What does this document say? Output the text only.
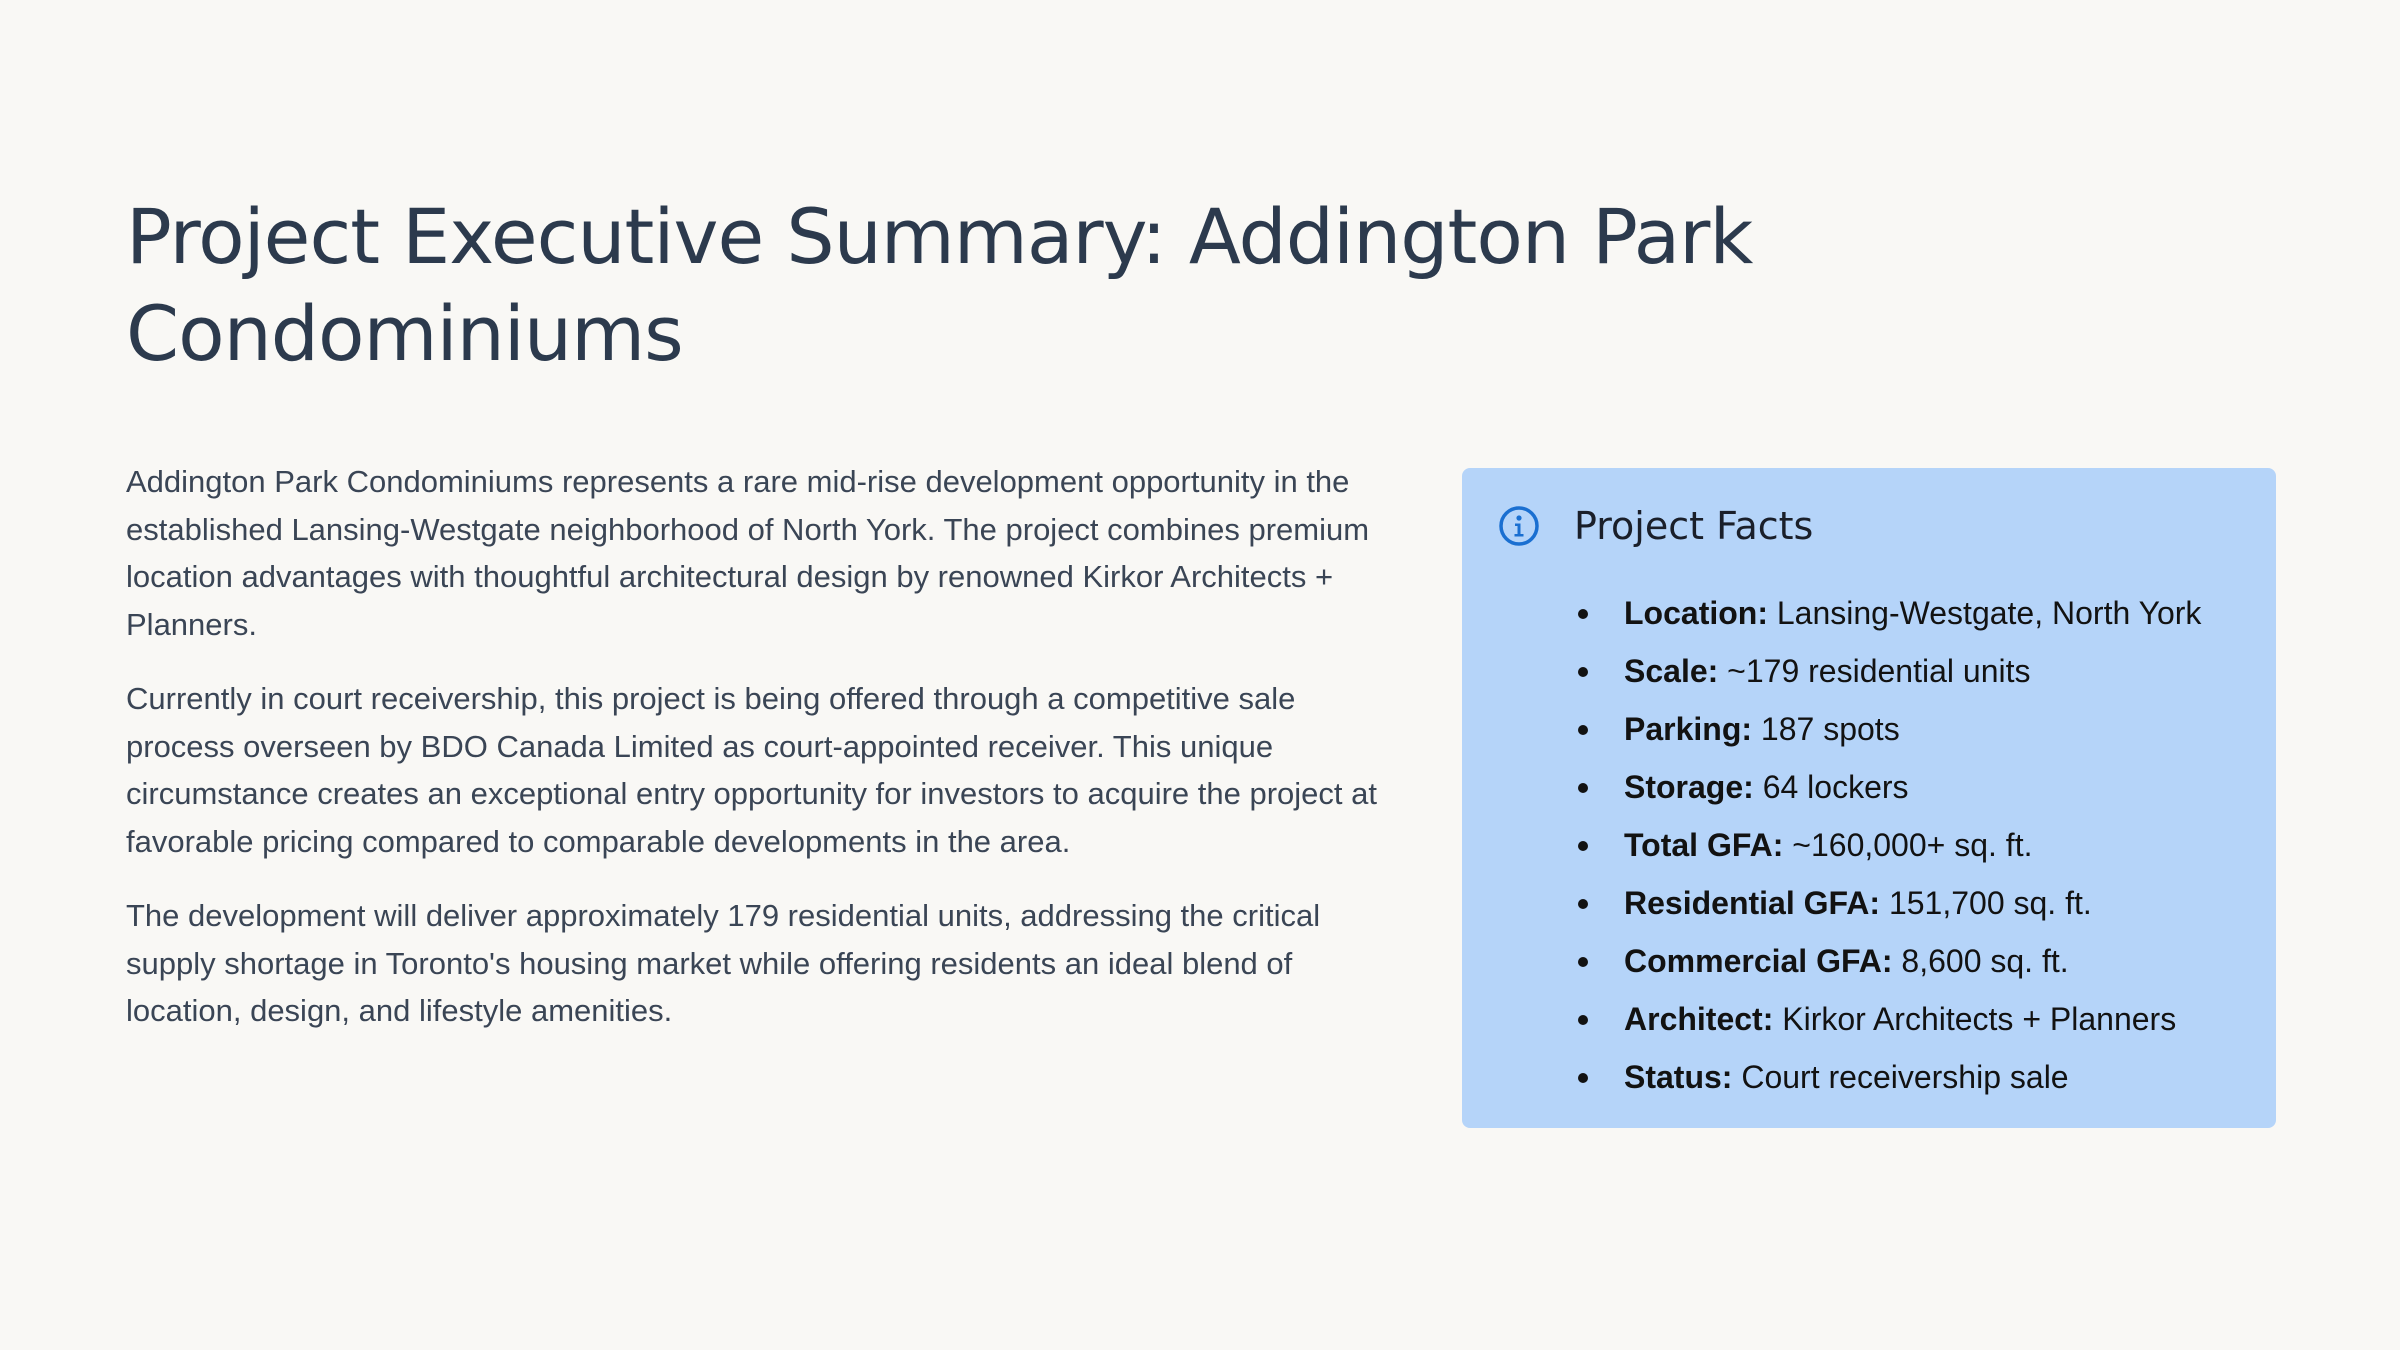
Project Executive Summary: Addington Park Condominiums

Addington Park Condominiums represents a rare mid-rise development opportunity in the established Lansing-Westgate neighborhood of North York. The project combines premium location advantages with thoughtful architectural design by renowned Kirkor Architects + Planners.

Currently in court receivership, this project is being offered through a competitive sale process overseen by BDO Canada Limited as court-appointed receiver. This unique circumstance creates an exceptional entry opportunity for investors to acquire the project at favorable pricing compared to comparable developments in the area.

The development will deliver approximately 179 residential units, addressing the critical supply shortage in Toronto's housing market while offering residents an ideal blend of location, design, and lifestyle amenities.

Project Facts
Location: Lansing-Westgate, North York
Scale: ~179 residential units
Parking: 187 spots
Storage: 64 lockers
Total GFA: ~160,000+ sq. ft.
Residential GFA: 151,700 sq. ft.
Commercial GFA: 8,600 sq. ft.
Architect: Kirkor Architects + Planners
Status: Court receivership sale
